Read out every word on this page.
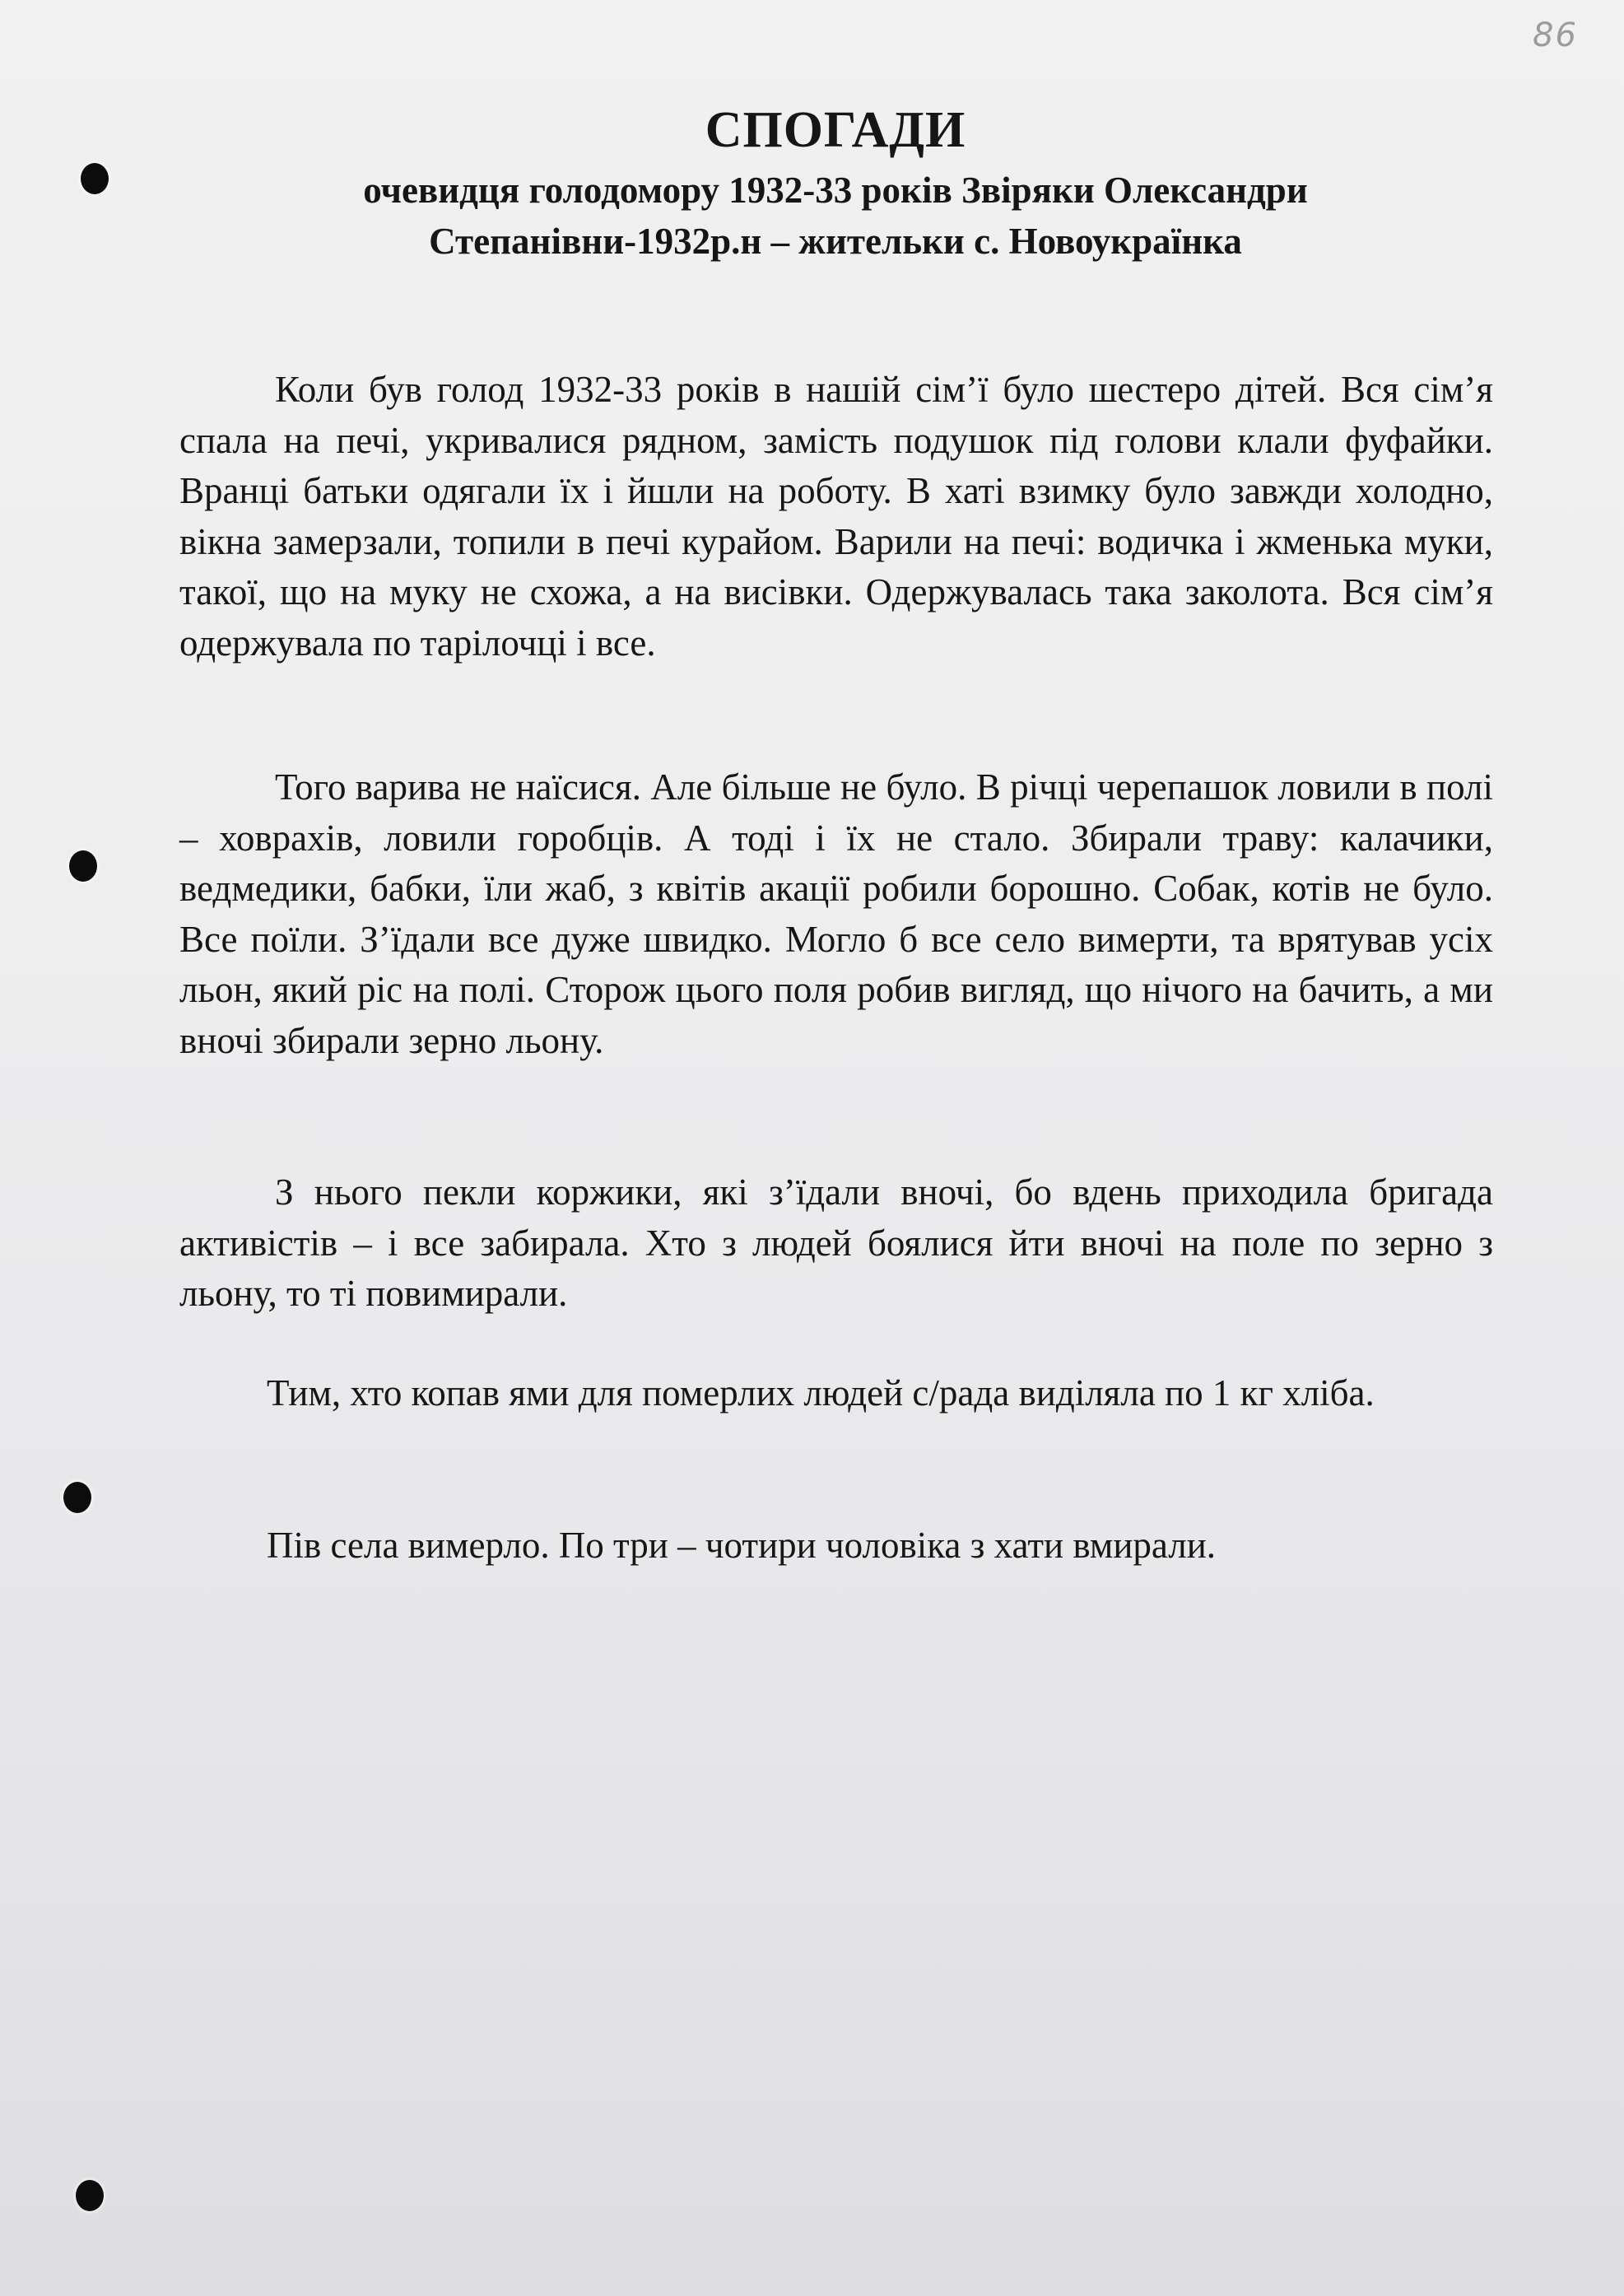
86
СПОГАДИ
очевидця голодомору 1932-33 років Звіряки Олександри
Степанівни-1932р.н – жительки с. Новоукраїнка

Коли був голод 1932-33 років в нашій сім’ї було шестеро дітей. Вся сім’я спала на печі, укривалися рядном, замість подушок під голови клали фуфайки. Вранці батьки одягали їх і йшли на роботу. В хаті взимку було завжди холодно, вікна замерзали, топили в печі курайом. Варили на печі: водичка і жменька муки, такої, що на муку не схожа, а на висівки. Одержувалась така заколота. Вся сім’я одержувала по тарілочці і все.

Того варива не наїсися. Але більше не було. В річці черепашок ловили в полі – ховрахів, ловили горобців. А тоді і їх не стало. Збирали траву: калачики, ведмедики, бабки, їли жаб, з квітів акації робили борошно. Собак, котів не було. Все поїли. З’їдали все дуже швидко. Могло б все село вимерти, та врятував усіх льон, який ріс на полі. Сторож цього поля робив вигляд, що нічого на бачить, а ми вночі збирали зерно льону.

З нього пекли коржики, які з’їдали вночі, бо вдень приходила бригада активістів – і все забирала. Хто з людей боялися йти вночі на поле по зерно з льону, то ті повимирали.

Тим, хто копав ями для померлих людей с/рада виділяла по 1 кг хліба.

Пів села вимерло. По три – чотири чоловіка з хати вмирали.
